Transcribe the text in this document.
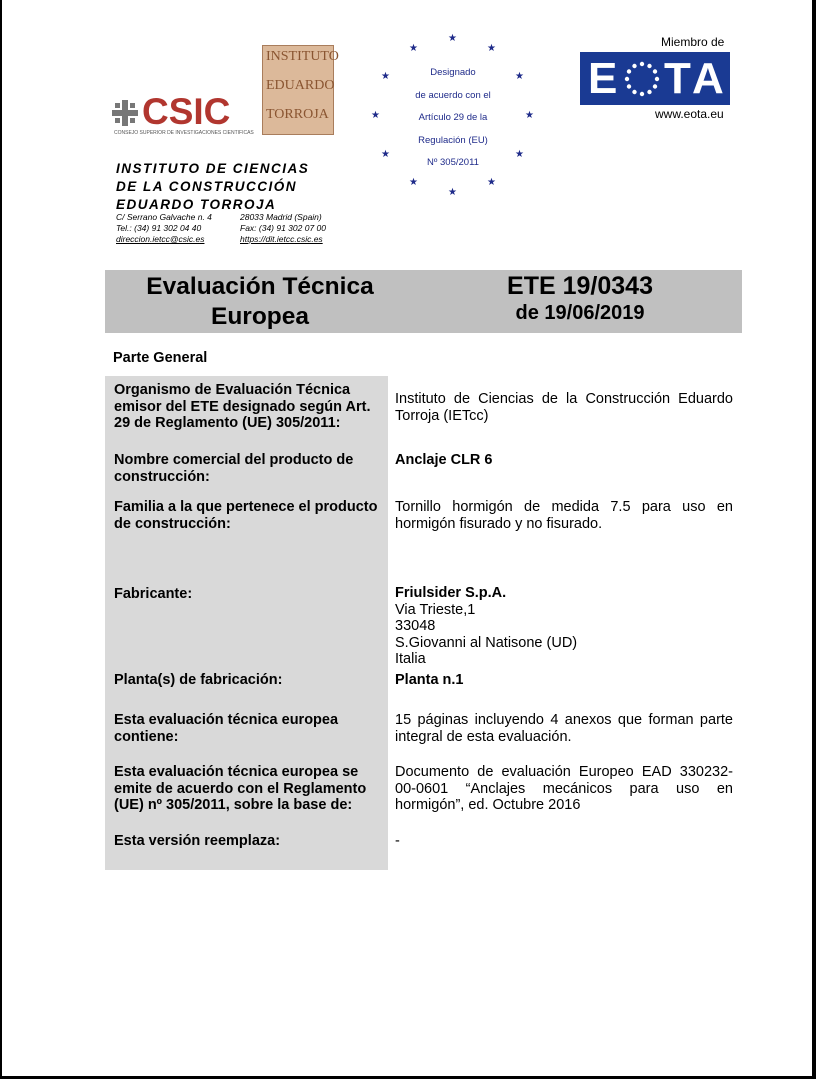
CSIC
CONSEJO SUPERIOR DE INVESTIGACIONES CIENTÍFICAS
INSTITUTO
EDUARDO
TORROJA
INSTITUTO DE CIENCIAS
DE LA CONSTRUCCIÓN
EDUARDO TORROJA
C/ Serrano Galvache n. 4	28033 Madrid (Spain)
Tel.: (34) 91 302 04 40	Fax: (34) 91 302 07 00
direccion.ietcc@csic.es	https://dit.ietcc.csic.es
★
★
★
★
★
★
★
★
★
★
★
★
Designado
de acuerdo con el
Artículo 29 de la
Regulación (EU)
Nº 305/2011
Miembro de
E T A
www.eota.eu
Evaluación Técnica
Europea
ETE 19/0343
de 19/06/2019
Parte General
Organismo de Evaluación Técnica emisor del ETE designado según Art. 29 de Reglamento (UE) 305/2011:
Instituto de Ciencias de la Construcción Eduardo Torroja (IETcc)
Nombre comercial del producto de construcción:
Anclaje CLR 6
Familia a la que pertenece el producto de construcción:
Tornillo hormigón de medida 7.5 para uso en hormigón fisurado y no fisurado.
Fabricante:	Friulsider S.p.A.
Via Trieste,1
33048
S.Giovanni al Natisone (UD)
Italia
Planta(s) de fabricación:	Planta n.1
Esta evaluación técnica europea contiene:
15 páginas incluyendo 4 anexos que forman parte integral de esta evaluación.
Esta evaluación técnica europea se emite de acuerdo con el Reglamento (UE) nº 305/2011, sobre la base de:
Documento de evaluación Europeo EAD 330232-00-0601 “Anclajes mecánicos para uso en hormigón”, ed. Octubre 2016
Esta versión reemplaza:	-
